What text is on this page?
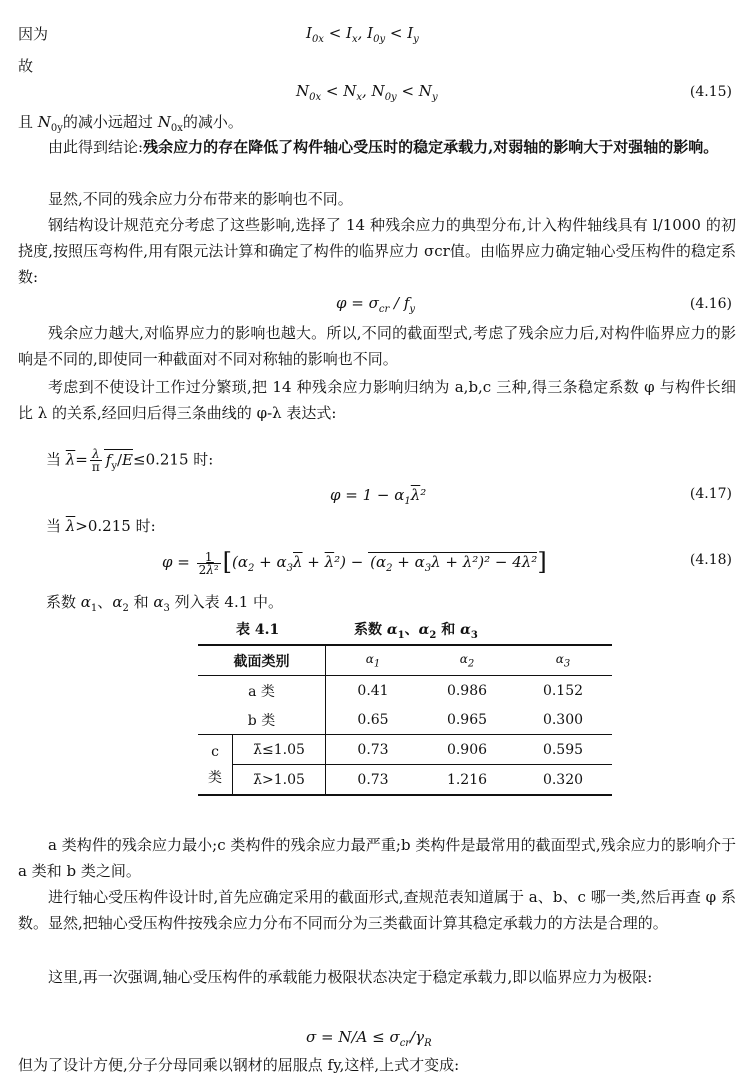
因为	$I_{0x} < I_x$, $I_{0y} < I_y$
故
$N_{0x} < N_x$, $N_{0y} < N_y$	(4.15)
且 $N_{0y}$的减小远超过 $N_{0x}$的减小。
由此得到结论:残余应力的存在降低了构件轴心受压时的稳定承载力,对弱轴的影响大于对强轴的影响。
显然,不同的残余应力分布带来的影响也不同。
钢结构设计规范充分考虑了这些影响,选择了 14 种残余应力的典型分布,计入构件轴线具有 l/1000 的初挠度,按照压弯构件,用有限元法计算和确定了构件的临界应力 σcr值。由临界应力确定轴心受压构件的稳定系数:
$\varphi = \sigma_{cr} / f_y$	(4.16)
残余应力越大,对临界应力的影响也越大。所以,不同的截面型式,考虑了残余应力后,对构件临界应力的影响是不同的,即使同一种截面对不同对称轴的影响也不同。
考虑到不使设计工作过分繁琐,把 14 种残余应力影响归纳为 a,b,c 三种,得三条稳定系数 φ 与构件长细比 λ 的关系,经回归后得三条曲线的 φ-λ 表达式:
当 $\overline{\lambda}= \frac{\lambda}{\pi} f_y/E\le 0.215$ 时:
$\varphi = 1 - \alpha_1\overline{\lambda}^2$	(4.17)
当 $\overline{\lambda}>0.215$ 时:
$\varphi = \frac{1}{2\overline{\lambda}^2} [(\alpha_2 + \alpha_3\overline{\lambda} + \overline{\lambda}^2) - (\alpha_2 + \alpha_3\overline{\lambda} + \overline{\lambda}^2)^2 - 4\overline{\lambda}^2]$	(4.18)
系数 $\alpha_1$、$\alpha_2$ 和 $\alpha_3$ 列入表 4.1 中。
表 4.1	系数 $\alpha_1$、$\alpha_2$ 和 $\alpha_3$
截面类别		$\alpha_1$	$\alpha_2$	$\alpha_3$
a 类		0.41	0.986	0.152
b 类		0.65	0.965	0.300
c
类	λ̄≤1.05	0.73	0.906	0.595
	λ̄>1.05	0.73	1.216	0.320
a 类构件的残余应力最小;c 类构件的残余应力最严重;b 类构件是最常用的截面型式,残余应力的影响介于 a 类和 b 类之间。
进行轴心受压构件设计时,首先应确定采用的截面形式,查规范表知道属于 a、b、c 哪一类,然后再查 φ 系数。显然,把轴心受压构件按残余应力分布不同而分为三类截面计算其稳定承载力的方法是合理的。
这里,再一次强调,轴心受压构件的承载能力极限状态决定于稳定承载力,即以临界应力为极限:
$\sigma = N/A \le \sigma_{cr}/\gamma_R$
但为了设计方便,分子分母同乘以钢材的屈服点 fy,这样,上式才变成:
